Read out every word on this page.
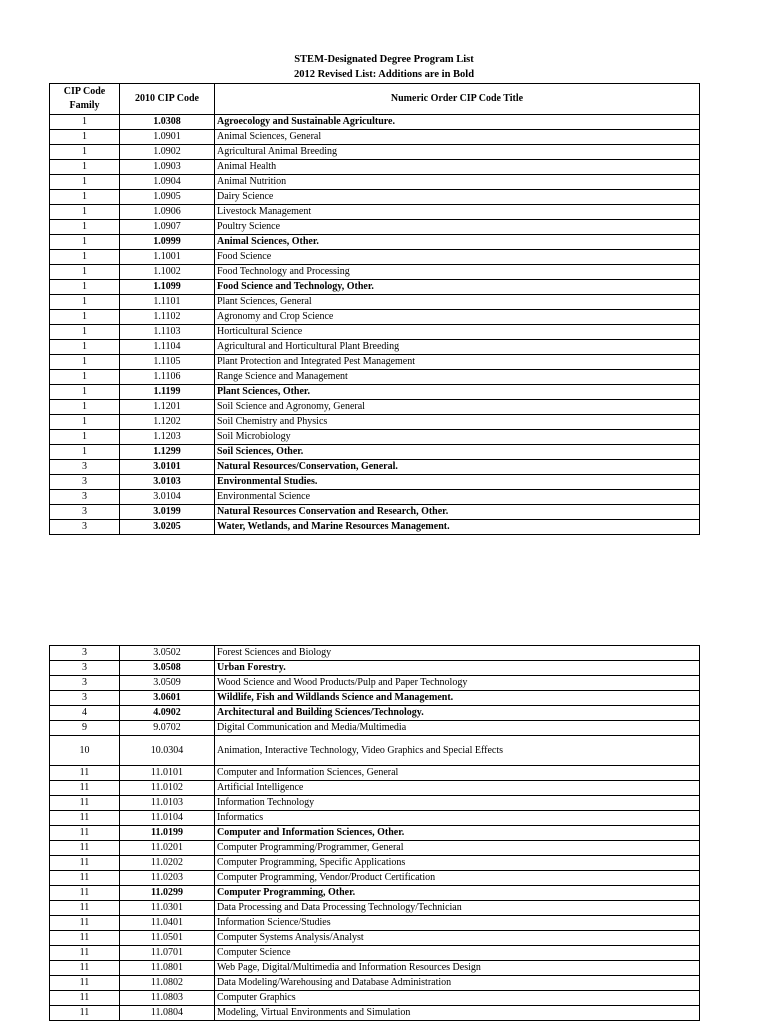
STEM-Designated Degree Program List
2012 Revised List: Additions are in Bold
CIP Code Family	2010 CIP Code	Numeric Order CIP Code Title
1	1.0308	Agroecology and Sustainable Agriculture.
1	1.0901	Animal Sciences, General
1	1.0902	Agricultural Animal Breeding
1	1.0903	Animal Health
1	1.0904	Animal Nutrition
1	1.0905	Dairy Science
1	1.0906	Livestock Management
1	1.0907	Poultry Science
1	1.0999	Animal Sciences, Other.
1	1.1001	Food Science
1	1.1002	Food Technology and Processing
1	1.1099	Food Science and Technology, Other.
1	1.1101	Plant Sciences, General
1	1.1102	Agronomy and Crop Science
1	1.1103	Horticultural Science
1	1.1104	Agricultural and Horticultural Plant Breeding
1	1.1105	Plant Protection and Integrated Pest Management
1	1.1106	Range Science and Management
1	1.1199	Plant Sciences, Other.
1	1.1201	Soil Science and Agronomy, General
1	1.1202	Soil Chemistry and Physics
1	1.1203	Soil Microbiology
1	1.1299	Soil Sciences, Other.
3	3.0101	Natural Resources/Conservation, General.
3	3.0103	Environmental Studies.
3	3.0104	Environmental Science
3	3.0199	Natural Resources Conservation and Research, Other.
3	3.0205	Water, Wetlands, and Marine Resources Management.
3	3.0502	Forest Sciences and Biology
3	3.0508	Urban Forestry.
3	3.0509	Wood Science and Wood Products/Pulp and Paper Technology
3	3.0601	Wildlife, Fish and Wildlands Science and Management.
4	4.0902	Architectural and Building Sciences/Technology.
9	9.0702	Digital Communication and Media/Multimedia
10	10.0304	Animation, Interactive Technology, Video Graphics and Special Effects
11	11.0101	Computer and Information Sciences, General
11	11.0102	Artificial Intelligence
11	11.0103	Information Technology
11	11.0104	Informatics
11	11.0199	Computer and Information Sciences, Other.
11	11.0201	Computer Programming/Programmer, General
11	11.0202	Computer Programming, Specific Applications
11	11.0203	Computer Programming, Vendor/Product Certification
11	11.0299	Computer Programming, Other.
11	11.0301	Data Processing and Data Processing Technology/Technician
11	11.0401	Information Science/Studies
11	11.0501	Computer Systems Analysis/Analyst
11	11.0701	Computer Science
11	11.0801	Web Page, Digital/Multimedia and Information Resources Design
11	11.0802	Data Modeling/Warehousing and Database Administration
11	11.0803	Computer Graphics
11	11.0804	Modeling, Virtual Environments and Simulation
